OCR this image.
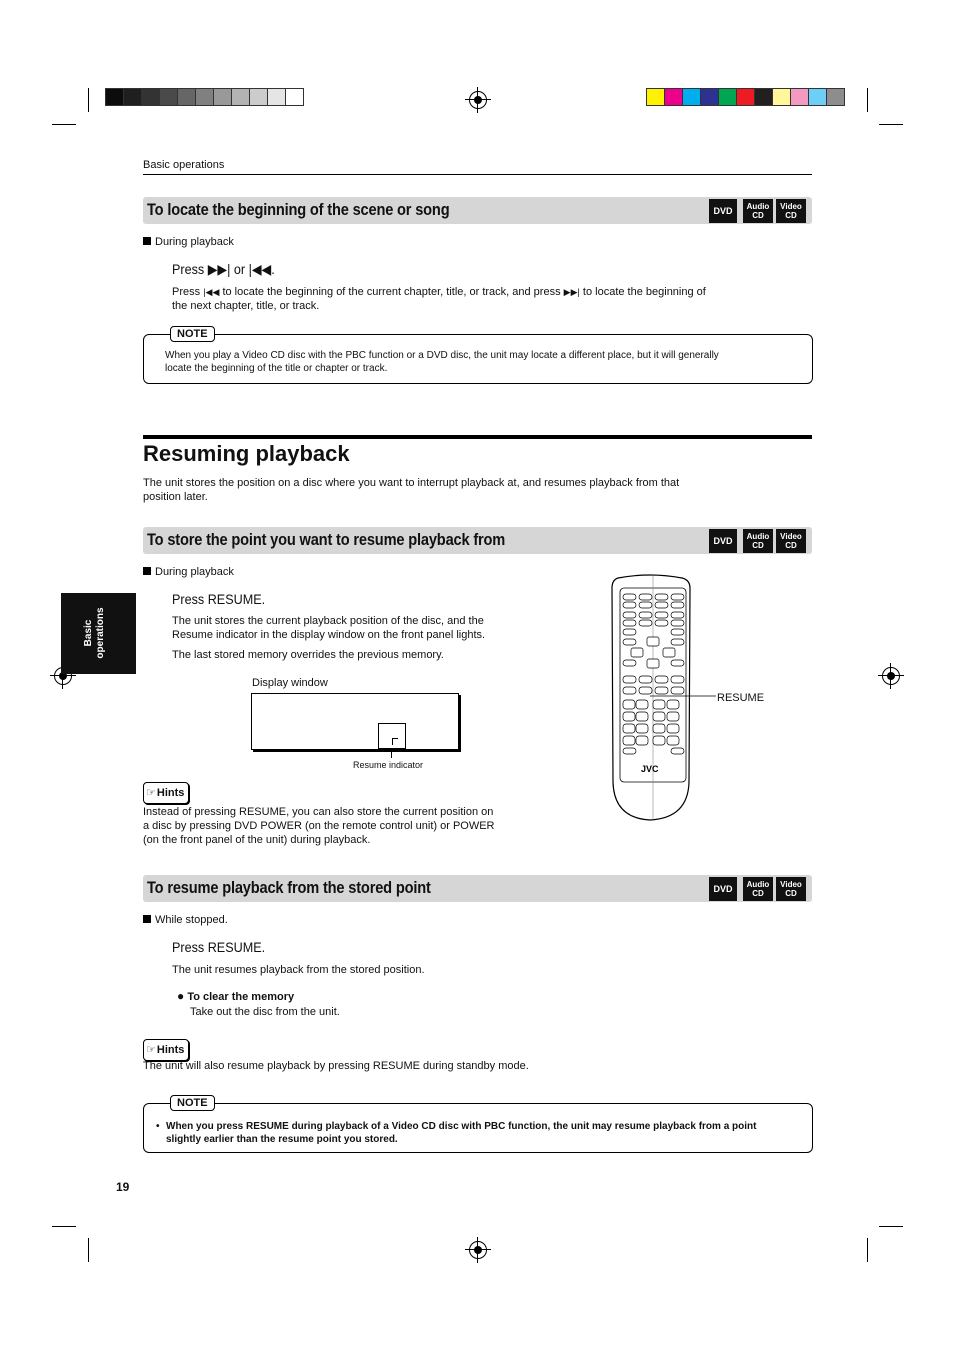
Basic operations
To locate the beginning of the scene or song	DVD Audio
CD
Video
CD
During playback
Press ▶▶| or |◀◀.
Press |◀◀ to locate the beginning of the current chapter, title, or track, and press ▶▶| to locate the beginning of
the next chapter, title, or track.
NOTE
When you play a Video CD disc with the PBC function or a DVD disc, the unit may locate a different place, but it will generally
locate the beginning of the title or chapter or track.
Resuming playback
The unit stores the position on a disc where you want to interrupt playback at, and resumes playback from that
position later.
Basic operations
To store the point you want to resume playback from	DVD Audio
CD
Video
CD
During playback
Press RESUME.
The unit stores the current playback position of the disc, and the
Resume indicator in the display window on the front panel lights.
The last stored memory overrides the previous memory.
Display window
Resume indicator	JVC
RESUME
☞Hints
Instead of pressing RESUME, you can also store the current position on
a disc by pressing DVD POWER (on the remote control unit) or POWER
(on the front panel of the unit) during playback.
To resume playback from the stored point	DVD Audio
CD
Video
CD
While stopped.
Press RESUME.
The unit resumes playback from the stored position.
● To clear the memory
Take out the disc from the unit.
☞Hints
The unit will also resume playback by pressing RESUME during standby mode.
NOTE
• When you press RESUME during playback of a Video CD disc with PBC function, the unit may resume playback from a point
slightly earlier than the resume point you stored.
19
